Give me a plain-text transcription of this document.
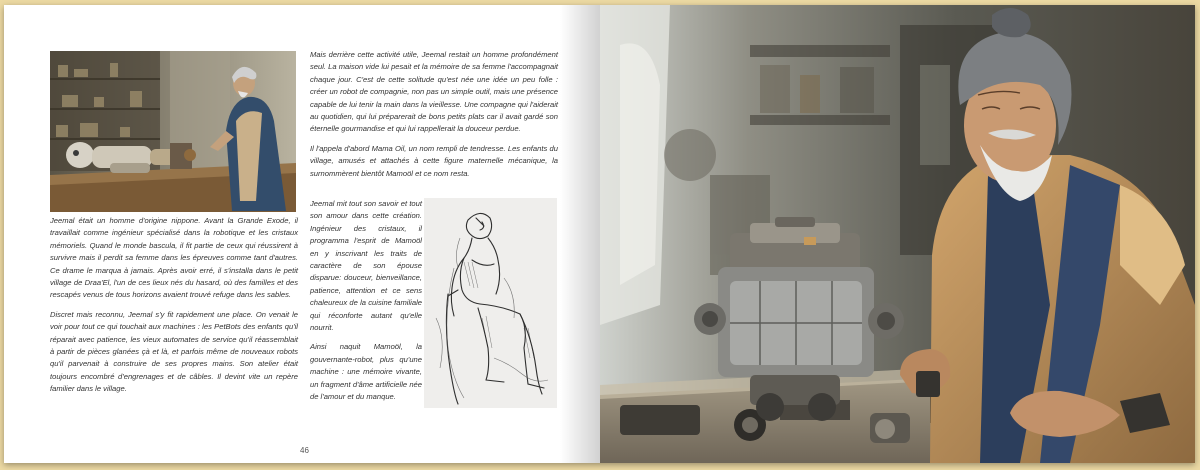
Mais derrière cette activité utile, Jeemal restait un homme profondément seul. La maison vide lui pesait et la mémoire de sa femme l'accompagnait chaque jour. C'est de cette solitude qu'est née une idée un peu folle : créer un robot de compagnie, non pas un simple outil, mais une présence capable de lui tenir la main dans la vieillesse. Une compagne qui l'aiderait au quotidien, qui lui préparerait de bons petits plats car il avait gardé son éternelle gourmandise et qui lui rappellerait la douceur perdue.

Il l'appela d'abord Mama Oil, un nom rempli de tendresse. Les enfants du village, amusés et attachés à cette figure maternelle mécanique, la surnommèrent bientôt Mamoöl et ce nom resta.

Jeemal était un homme d'origine nippone. Avant la Grande Exode, il travaillait comme ingénieur spécialisé dans la robotique et les cristaux mémoriels. Quand le monde bascula, il fit partie de ceux qui réussirent à survivre mais il perdit sa femme dans les épreuves comme tant d'autres. Ce drame le marqua à jamais. Après avoir erré, il s'installa dans le petit village de Draa'El, l'un de ces lieux nés du hasard, où des familles et des rescapés venus de tous horizons avaient trouvé refuge dans les sables.

Discret mais reconnu, Jeemal s'y fit rapidement une place. On venait le voir pour tout ce qui touchait aux machines : les PetBots des enfants qu'il réparait avec patience, les vieux automates de service qu'il réassemblait à partir de pièces glanées çà et là, et parfois même de nouveaux robots qu'il parvenait à construire de ses propres mains. Son atelier était toujours encombré d'engrenages et de câbles. Il devint vite un repère familier dans le village.

Jeemal mit tout son savoir et tout son amour dans cette création. Ingénieur des cristaux, il programma l'esprit de Mamoöl en y inscrivant les traits de caractère de son épouse disparue: douceur, bienveillance, patience, attention et ce sens chaleureux de la cuisine familiale qui réconforte autant qu'elle nourrit.

Ainsi naquit Mamoöl, la gouvernante-robot, plus qu'une machine : une mémoire vivante, un fragment d'âme artificielle née de l'amour et du manque.

46
